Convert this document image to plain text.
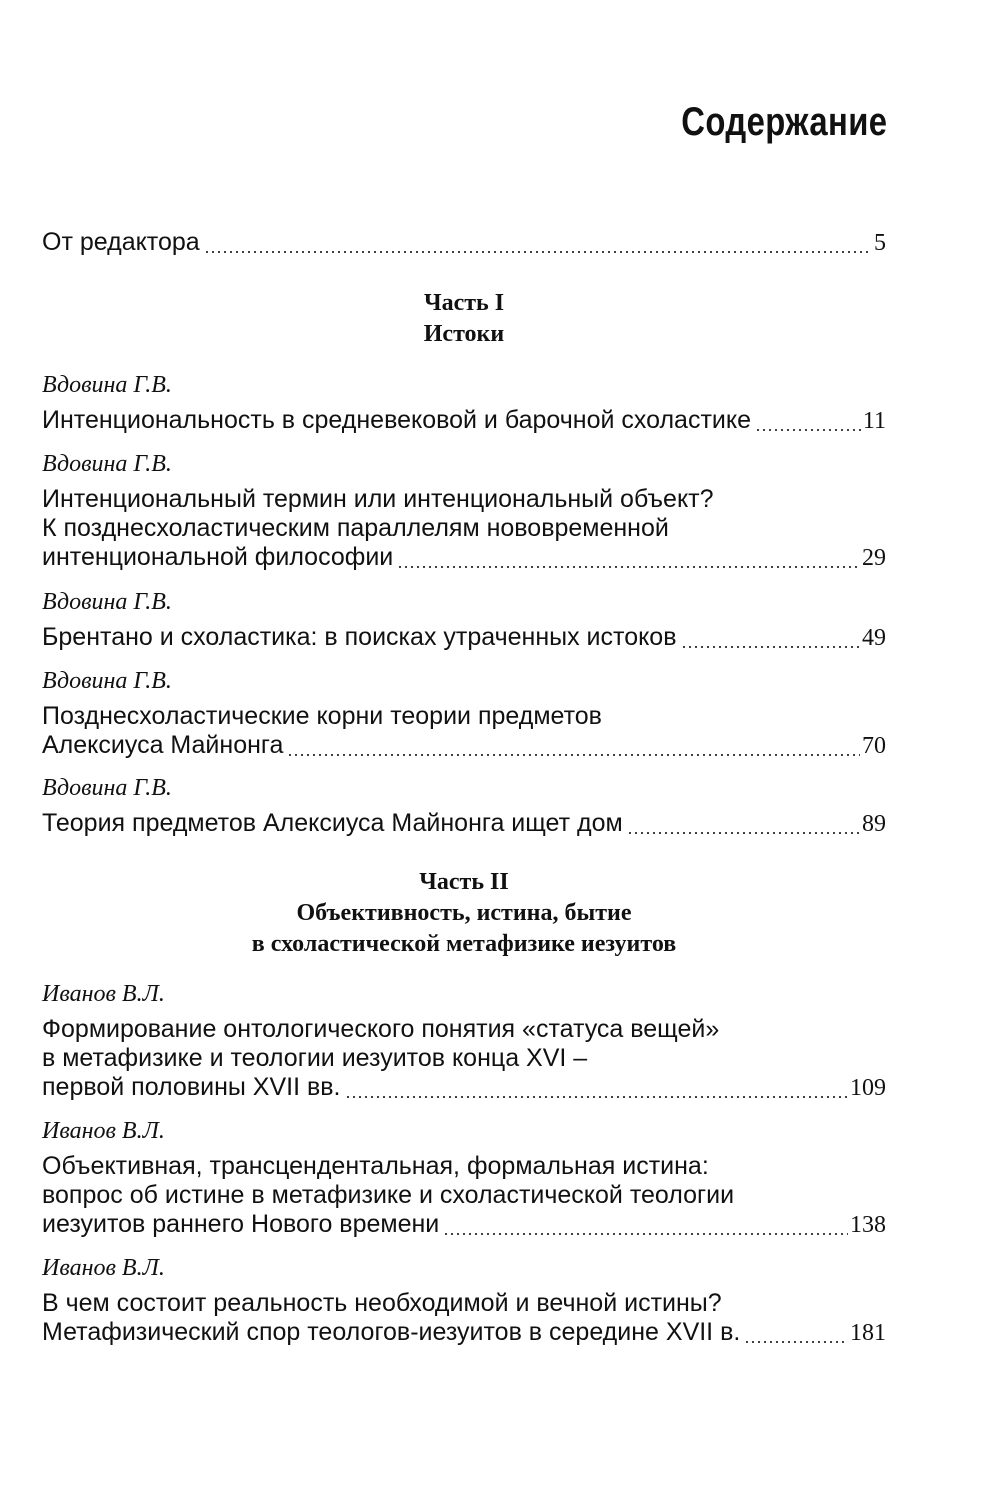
Содержание
От редактора	5
Часть I
Истоки
Вдовина Г.В.
Интенциональность в средневековой и барочной схоластике	11
Вдовина Г.В.
Интенциональный термин или интенциональный объект?
К позднесхоластическим параллелям нововременной
интенциональной философии	29
Вдовина Г.В.
Брентано и схоластика: в поисках утраченных истоков	49
Вдовина Г.В.
Позднесхоластические корни теории предметов
Алексиуса Майнонга	70
Вдовина Г.В.
Теория предметов Алексиуса Майнонга ищет дом	89
Часть II
Объективность, истина, бытие
в схоластической метафизике иезуитов
Иванов В.Л.
Формирование онтологического понятия «статуса вещей»
в метафизике и теологии иезуитов конца XVI –
первой половины XVII вв.	109
Иванов В.Л.
Объективная, трансцендентальная, формальная истина:
вопрос об истине в метафизике и схоластической теологии
иезуитов раннего Нового времени	138
Иванов В.Л.
В чем состоит реальность необходимой и вечной истины?
Метафизический спор теологов-иезуитов в середине XVII в.	181
